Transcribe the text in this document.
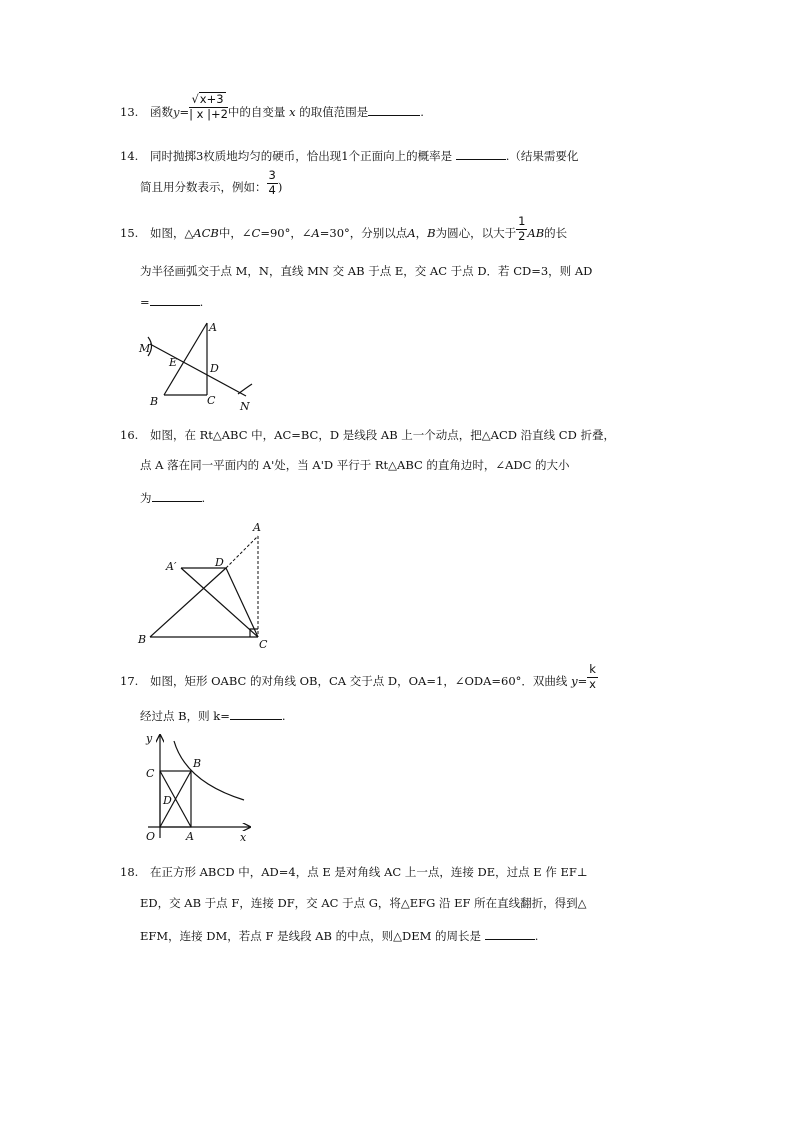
13. 函数$y= \frac{√x+3}{| x |+2}$ 中的自变量 x 的取值范围是	.
14. 同时抛掷3枚质地均匀的硬币，恰出现1个正面向上的概率是	.（结果需要化
简且用分数表示，例如： $\frac{3}{4}$ )
15. 如图，△ACB中，∠C=90°，∠A=30°，分别以点A，B为圆心，以大于 $\frac{1}{2}$ AB的长
为半径画弧交于点 M，N，直线 MN 交 AB 于点 E，交 AC 于点 D．若 CD=3，则 AD
=	.
M
E
A
D
B	C N
16. 如图，在 Rt△ABC 中，AC=BC，D 是线段 AB 上一个动点，把△ACD 沿直线 CD 折叠，
点 A 落在同一平面内的 A'处，当 A'D 平行于 Rt△ABC 的直角边时，∠ADC 的大小
为	.
A
A′	D
B	C
17. 如图，矩形 OABC 的对角线 OB，CA 交于点 D，OA=1，∠ODA=60°．双曲线 $y= \frac{k}{x}$
经过点 B，则 k=	.
y
C
B
D
O	A	x
18. 在正方形 ABCD 中，AD=4，点 E 是对角线 AC 上一点，连接 DE，过点 E 作 EF⊥
ED，交 AB 于点 F，连接 DF，交 AC 于点 G，将△EFG 沿 EF 所在直线翻折，得到△
EFM，连接 DM，若点 F 是线段 AB 的中点，则△DEM 的周长是	.
